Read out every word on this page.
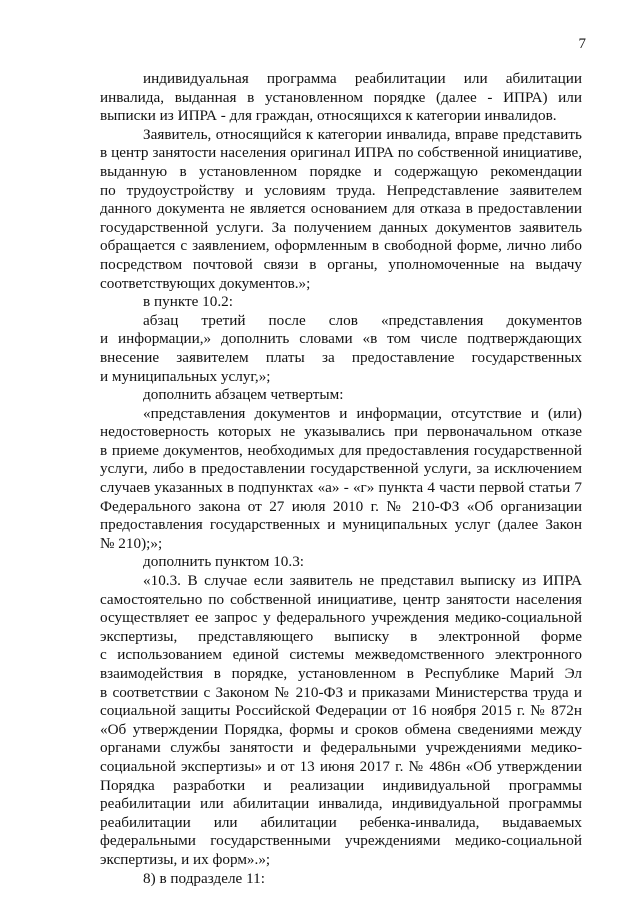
7

индивидуальная программа реабилитации или абилитации

инвалида, выданная в установленном порядке (далее - ИПРА) или

выписки из ИПРА - для граждан, относящихся к категории инвалидов.

Заявитель, относящийся к категории инвалида, вправе представить

в центр занятости населения оригинал ИПРА по собственной инициативе,

выданную в установленном порядке и содержащую рекомендации

по трудоустройству и условиям труда. Непредставление заявителем

данного документа не является основанием для отказа в предоставлении

государственной услуги. За получением данных документов заявитель

обращается с заявлением, оформленным в свободной форме, лично либо

посредством почтовой связи в органы, уполномоченные на выдачу

соответствующих документов.»;

в пункте 10.2:

абзац третий после слов «представления документов

и информации,» дополнить словами «в том числе подтверждающих

внесение заявителем платы за предоставление государственных

и муниципальных услуг,»;

дополнить абзацем четвертым:

«представления документов и информации, отсутствие и (или)

недостоверность которых не указывались при первоначальном отказе

в приеме документов, необходимых для предоставления государственной

услуги, либо в предоставлении государственной услуги, за исключением

случаев указанных в подпунктах «а» - «г» пункта 4 части первой статьи 7

Федерального закона от 27 июля 2010 г. № 210-ФЗ «Об организации

предоставления государственных и муниципальных услуг (далее Закон

№ 210);»;

дополнить пунктом 10.3:

«10.3. В случае если заявитель не представил выписку из ИПРА

самостоятельно по собственной инициативе, центр занятости населения

осуществляет ее запрос у федерального учреждения медико-социальной

экспертизы, представляющего выписку в электронной форме

с использованием единой системы межведомственного электронного

взаимодействия в порядке, установленном в Республике Марий Эл

в соответствии с Законом № 210-ФЗ и приказами Министерства труда и

социальной защиты Российской Федерации от 16 ноября 2015 г. № 872н

«Об утверждении Порядка, формы и сроков обмена сведениями между

органами службы занятости и федеральными учреждениями медико-

социальной экспертизы» и от 13 июня 2017 г. № 486н «Об утверждении

Порядка разработки и реализации индивидуальной программы

реабилитации или абилитации инвалида, индивидуальной программы

реабилитации или абилитации ребенка-инвалида, выдаваемых

федеральными государственными учреждениями медико-социальной

экспертизы, и их форм».»;

8) в подразделе 11:
